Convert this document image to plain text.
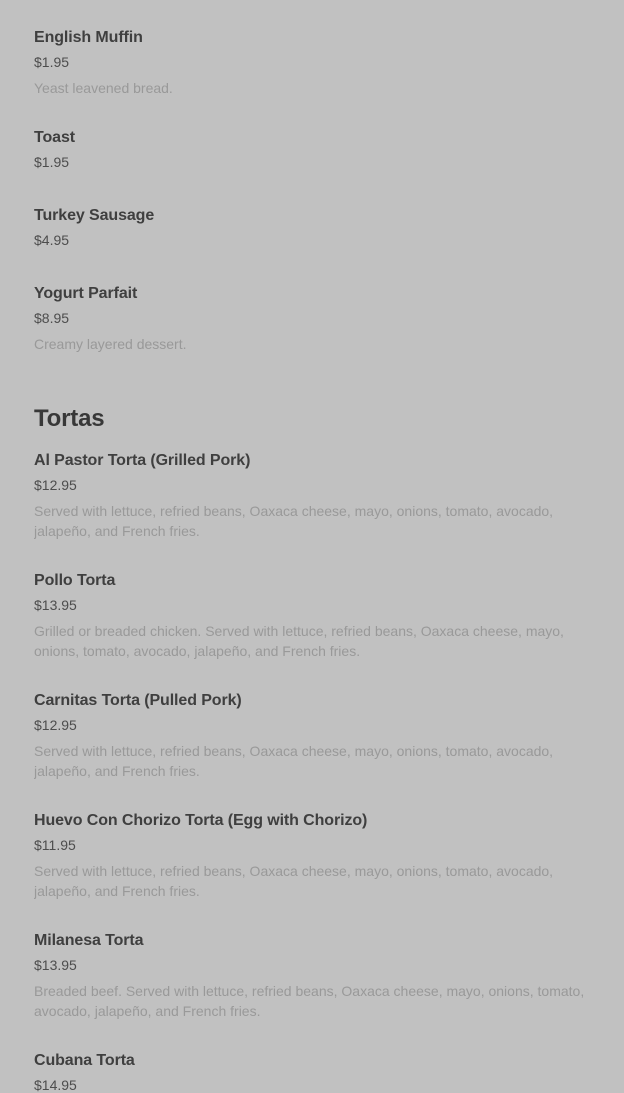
English Muffin
$1.95

Yeast leavened bread.

Toast
$1.95
Turkey Sausage
$4.95
Yogurt Parfait
$8.95

Creamy layered dessert.

Tortas
Al Pastor Torta (Grilled Pork)
$12.95

Served with lettuce, refried beans, Oaxaca cheese, mayo, onions, tomato, avocado, jalapeño, and French fries.

Pollo Torta
$13.95

Grilled or breaded chicken. Served with lettuce, refried beans, Oaxaca cheese, mayo, onions, tomato, avocado, jalapeño, and French fries.

Carnitas Torta (Pulled Pork)
$12.95

Served with lettuce, refried beans, Oaxaca cheese, mayo, onions, tomato, avocado, jalapeño, and French fries.

Huevo Con Chorizo Torta (Egg with Chorizo)
$11.95

Served with lettuce, refried beans, Oaxaca cheese, mayo, onions, tomato, avocado, jalapeño, and French fries.

Milanesa Torta
$13.95

Breaded beef. Served with lettuce, refried beans, Oaxaca cheese, mayo, onions, tomato, avocado, jalapeño, and French fries.

Cubana Torta
$14.95
